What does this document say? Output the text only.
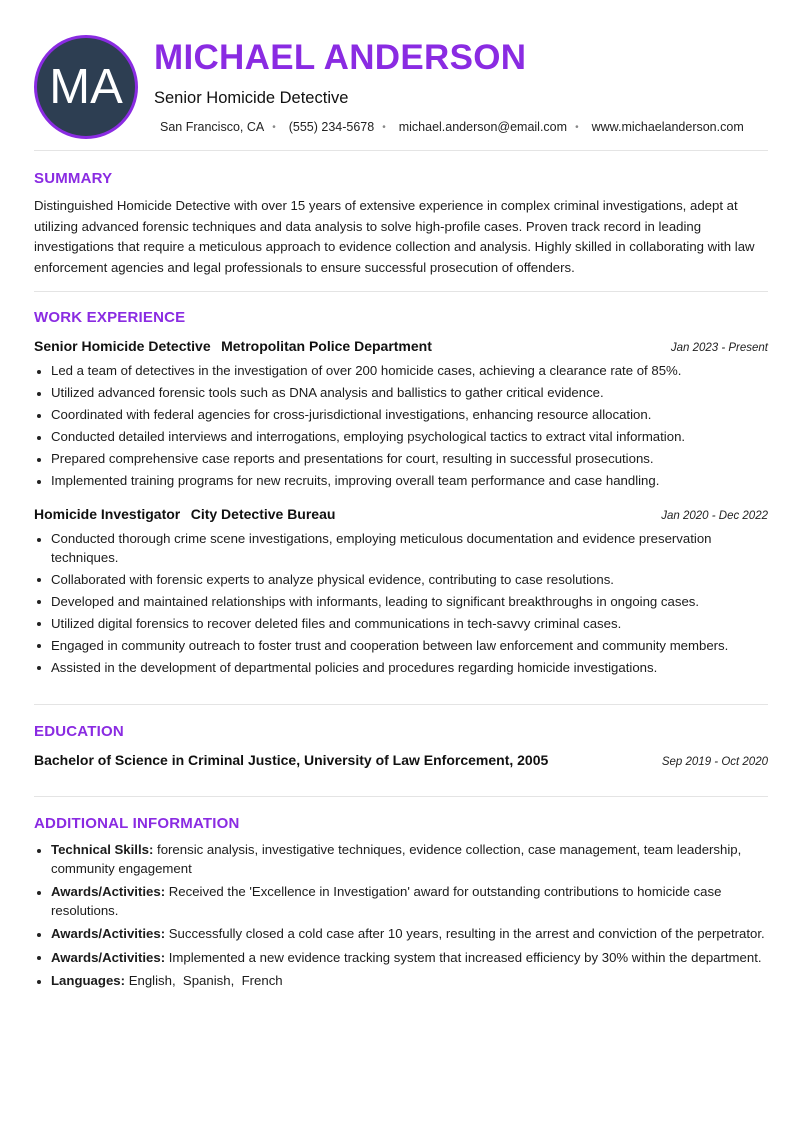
MA
MICHAEL ANDERSON
Senior Homicide Detective
San Francisco, CA • (555) 234-5678 • michael.anderson@email.com • www.michaelanderson.com
SUMMARY
Distinguished Homicide Detective with over 15 years of extensive experience in complex criminal investigations, adept at utilizing advanced forensic techniques and data analysis to solve high-profile cases. Proven track record in leading investigations that require a meticulous approach to evidence collection and analysis. Highly skilled in collaborating with law enforcement agencies and legal professionals to ensure successful prosecution of offenders.
WORK EXPERIENCE
Senior Homicide Detective Metropolitan Police Department	Jan 2023 - Present
Led a team of detectives in the investigation of over 200 homicide cases, achieving a clearance rate of 85%.
Utilized advanced forensic tools such as DNA analysis and ballistics to gather critical evidence.
Coordinated with federal agencies for cross-jurisdictional investigations, enhancing resource allocation.
Conducted detailed interviews and interrogations, employing psychological tactics to extract vital information.
Prepared comprehensive case reports and presentations for court, resulting in successful prosecutions.
Implemented training programs for new recruits, improving overall team performance and case handling.
Homicide Investigator City Detective Bureau	Jan 2020 - Dec 2022
Conducted thorough crime scene investigations, employing meticulous documentation and evidence preservation techniques.
Collaborated with forensic experts to analyze physical evidence, contributing to case resolutions.
Developed and maintained relationships with informants, leading to significant breakthroughs in ongoing cases.
Utilized digital forensics to recover deleted files and communications in tech-savvy criminal cases.
Engaged in community outreach to foster trust and cooperation between law enforcement and community members.
Assisted in the development of departmental policies and procedures regarding homicide investigations.
EDUCATION
Bachelor of Science in Criminal Justice, University of Law Enforcement, 2005	Sep 2019 - Oct 2020
ADDITIONAL INFORMATION
Technical Skills: forensic analysis, investigative techniques, evidence collection, case management, team leadership, community engagement
Awards/Activities: Received the 'Excellence in Investigation' award for outstanding contributions to homicide case resolutions.
Awards/Activities: Successfully closed a cold case after 10 years, resulting in the arrest and conviction of the perpetrator.
Awards/Activities: Implemented a new evidence tracking system that increased efficiency by 30% within the department.
Languages: English,  Spanish,  French
